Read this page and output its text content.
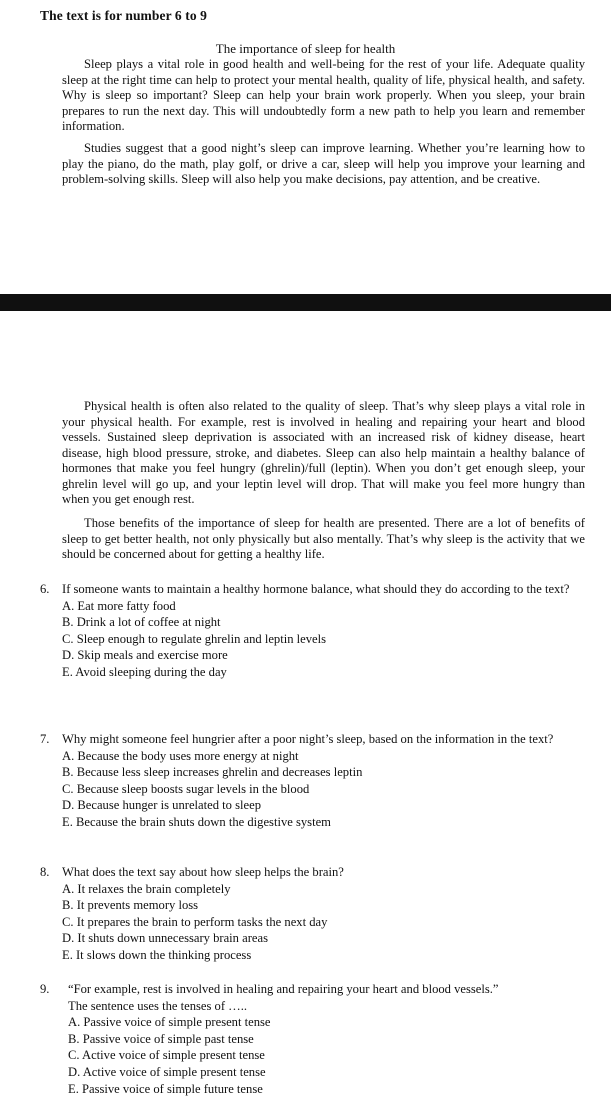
The text is for number 6 to 9
The importance of sleep for health

Sleep plays a vital role in good health and well-being for the rest of your life. Adequate quality sleep at the right time can help to protect your mental health, quality of life, physical health, and safety. Why is sleep so important? Sleep can help your brain work properly. When you sleep, your brain prepares to run the next day. This will undoubtedly form a new path to help you learn and remember information.

Studies suggest that a good night’s sleep can improve learning. Whether you’re learning how to play the piano, do the math, play golf, or drive a car, sleep will help you improve your learning and problem-solving skills. Sleep will also help you make decisions, pay attention, and be creative.

Physical health is often also related to the quality of sleep. That’s why sleep plays a vital role in your physical health. For example, rest is involved in healing and repairing your heart and blood vessels. Sustained sleep deprivation is associated with an increased risk of kidney disease, heart disease, high blood pressure, stroke, and diabetes. Sleep can also help maintain a healthy balance of hormones that make you feel hungry (ghrelin)/full (leptin). When you don’t get enough sleep, your ghrelin level will go up, and your leptin level will drop. That will make you feel more hungry than when you get enough rest.

Those benefits of the importance of sleep for health are presented. There are a lot of benefits of sleep to get better health, not only physically but also mentally. That’s why sleep is the activity that we should be concerned about for getting a healthy life.

6. If someone wants to maintain a healthy hormone balance, what should they do according to the text?
A. Eat more fatty food
B. Drink a lot of coffee at night
C. Sleep enough to regulate ghrelin and leptin levels
D. Skip meals and exercise more
E. Avoid sleeping during the day
7. Why might someone feel hungrier after a poor night’s sleep, based on the information in the text?
A. Because the body uses more energy at night
B. Because less sleep increases ghrelin and decreases leptin
C. Because sleep boosts sugar levels in the blood
D. Because hunger is unrelated to sleep
E. Because the brain shuts down the digestive system
8. What does the text say about how sleep helps the brain?
A. It relaxes the brain completely
B. It prevents memory loss
C. It prepares the brain to perform tasks the next day
D. It shuts down unnecessary brain areas
E. It slows down the thinking process
9. “For example, rest is involved in healing and repairing your heart and blood vessels.”
The sentence uses the tenses of …..
A. Passive voice of simple present tense
B. Passive voice of simple past tense
C. Active voice of simple present tense
D. Active voice of simple present tense
E. Passive voice of simple future tense
